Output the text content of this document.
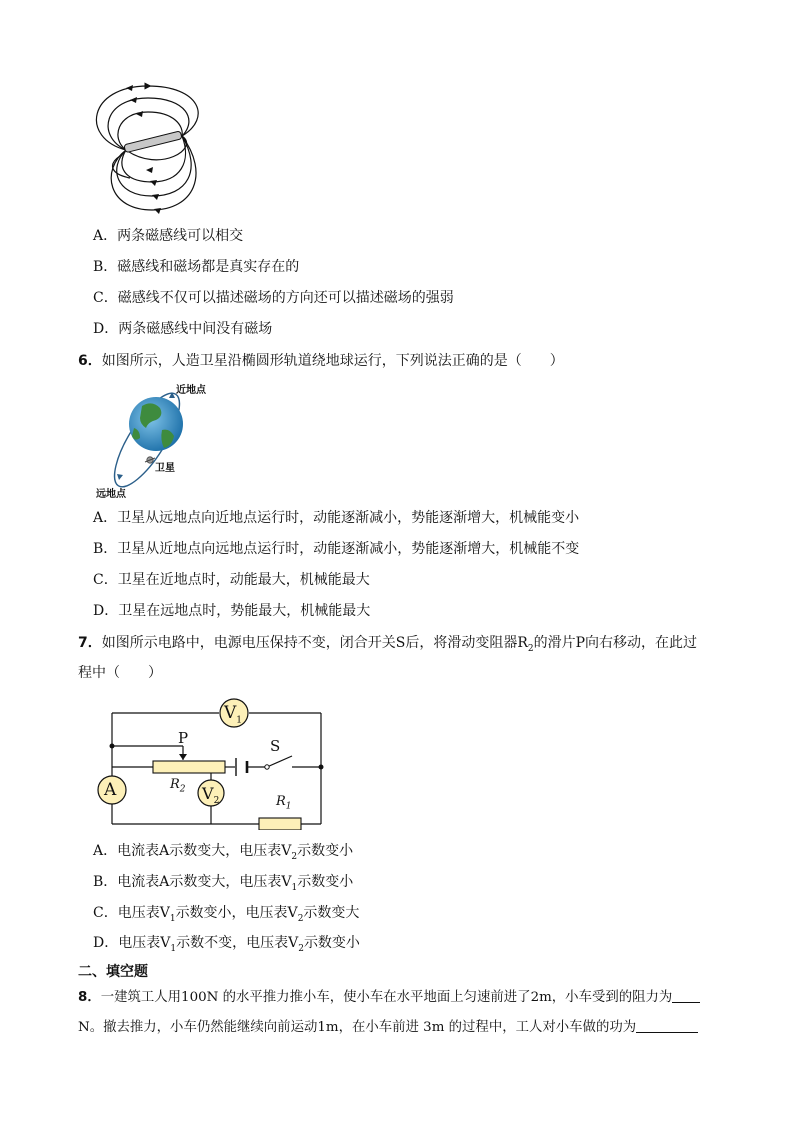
A．两条磁感线可以相交
B．磁感线和磁场都是真实存在的
C．磁感线不仅可以描述磁场的方向还可以描述磁场的强弱
D．两条磁感线中间没有磁场
6．如图所示，人造卫星沿椭圆形轨道绕地球运行，下列说法正确的是（　　）
近地点
卫星
远地点
A．卫星从远地点向近地点运行时，动能逐渐减小，势能逐渐增大，机械能变小
B．卫星从近地点向远地点运行时，动能逐渐减小，势能逐渐增大，机械能不变
C．卫星在近地点时，动能最大，机械能最大
D．卫星在远地点时，势能最大，机械能最大
7．如图所示电路中，电源电压保持不变，闭合开关S后，将滑动变阻器$R_2$的滑片P向右移动，在此过
程中（　　）
$V_1$
A	$V_2$
P	S
$R_2$
$R_1$
A．电流表A示数变大，电压表$V_2$示数变小
B．电流表A示数变大，电压表$V_1$示数变小
C．电压表$V_1$示数变小，电压表$V_2$示数变大
D．电压表$V_1$示数不变，电压表$V_2$示数变小
二、填空题
8．一建筑工人用100N 的水平推力推小车，使小车在水平地面上匀速前进了2m，小车受到的阻力为
N。撤去推力，小车仍然能继续向前运动1m，在小车前进 3m 的过程中，工人对小车做的功为
